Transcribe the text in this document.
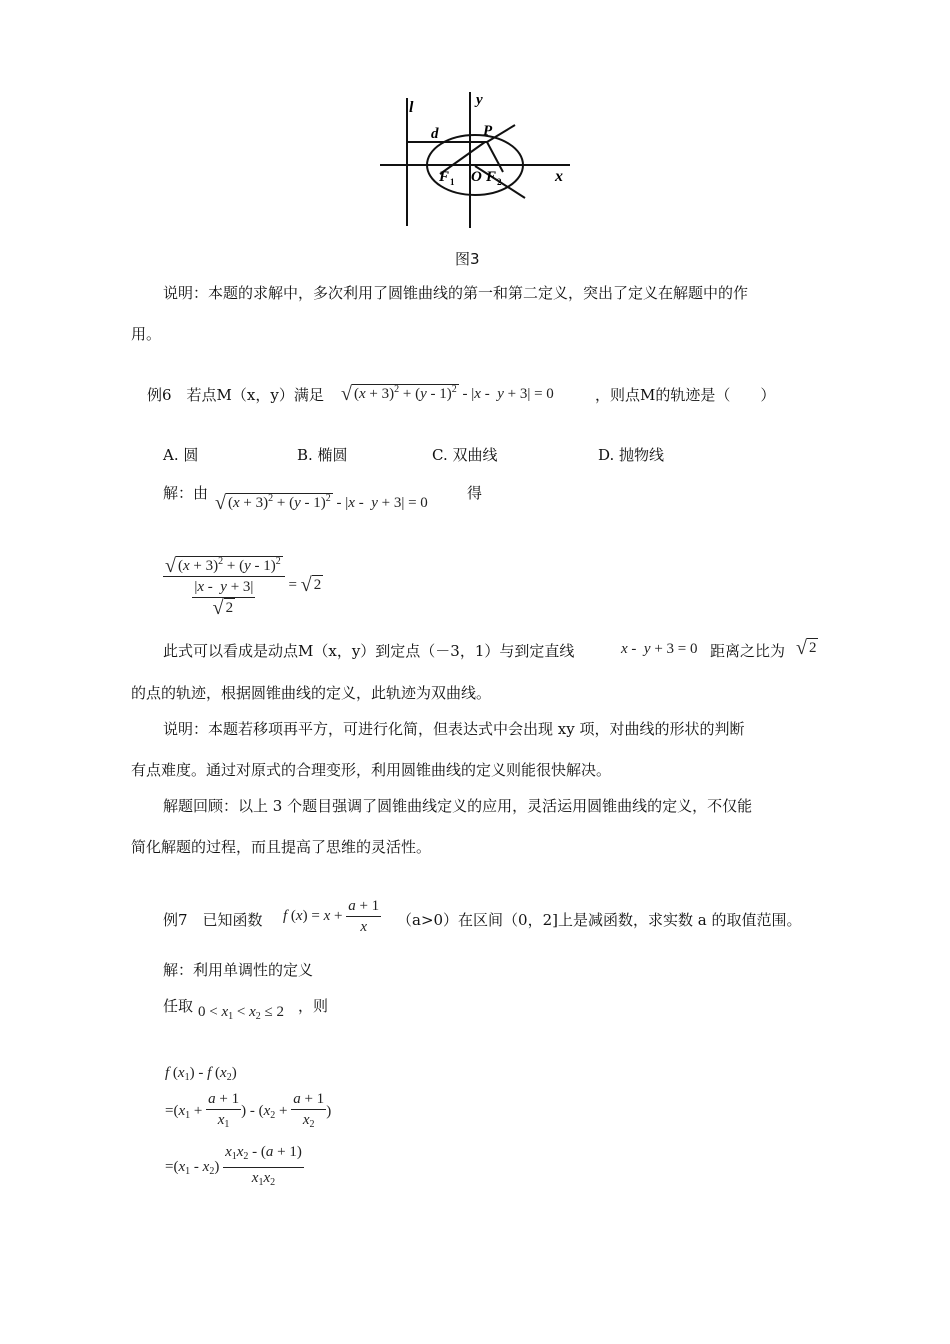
l	y
d	P
x
F 1 O F 2
图3
说明：本题的求解中，多次利用了圆锥曲线的第一和第二定义，突出了定义在解题中的作
用。
例6　若点M（x，y）满足 √ $(x + 3)^2 + (y - 1)^2 - |x - y + 3| = 0$	，则点M的轨迹是（　　）
A. 圆	B. 椭圆	C. 双曲线	D. 抛物线
解：由 √ $(x + 3)^2 + (y - 1)^2 - |x - y + 3| = 0$
得
$\frac{√ (x + 3)^2 + (y - 1)^2}{\frac{|x - y + 3|}{√ 2}}$ = √ 2
此式可以看成是动点M（x，y）到定点（－3，1）与到定直线	x -  y + 3 = 0 距离之比为 √ 2
的点的轨迹，根据圆锥曲线的定义，此轨迹为双曲线。
说明：本题若移项再平方，可进行化简，但表达式中会出现 xy 项，对曲线的形状的判断
有点难度。通过对原式的合理变形，利用圆锥曲线的定义则能很快解决。
解题回顾：以上 3 个题目强调了圆锥曲线定义的应用，灵活运用圆锥曲线的定义，不仅能
简化解题的过程，而且提高了思维的灵活性。
例7　已知函数 f $(x) = x + \frac{a + 1}{x} (a>0)$在区间（0，2]上是减函数，求实数 a 的取值范围。
解：利用单调性的定义
任取 $0 < x_1 < x_2 \le 2$ ，则
f $(x_1)$ - f $(x_2)$
$=(x_1 + \frac{a + 1}{x_1}$ ) - ($x_2 + \frac{a + 1}{x_2}$ )
$=(x_1 - x_2) \frac{x_1x_2 - (a + 1)}{x_1x_2}$
